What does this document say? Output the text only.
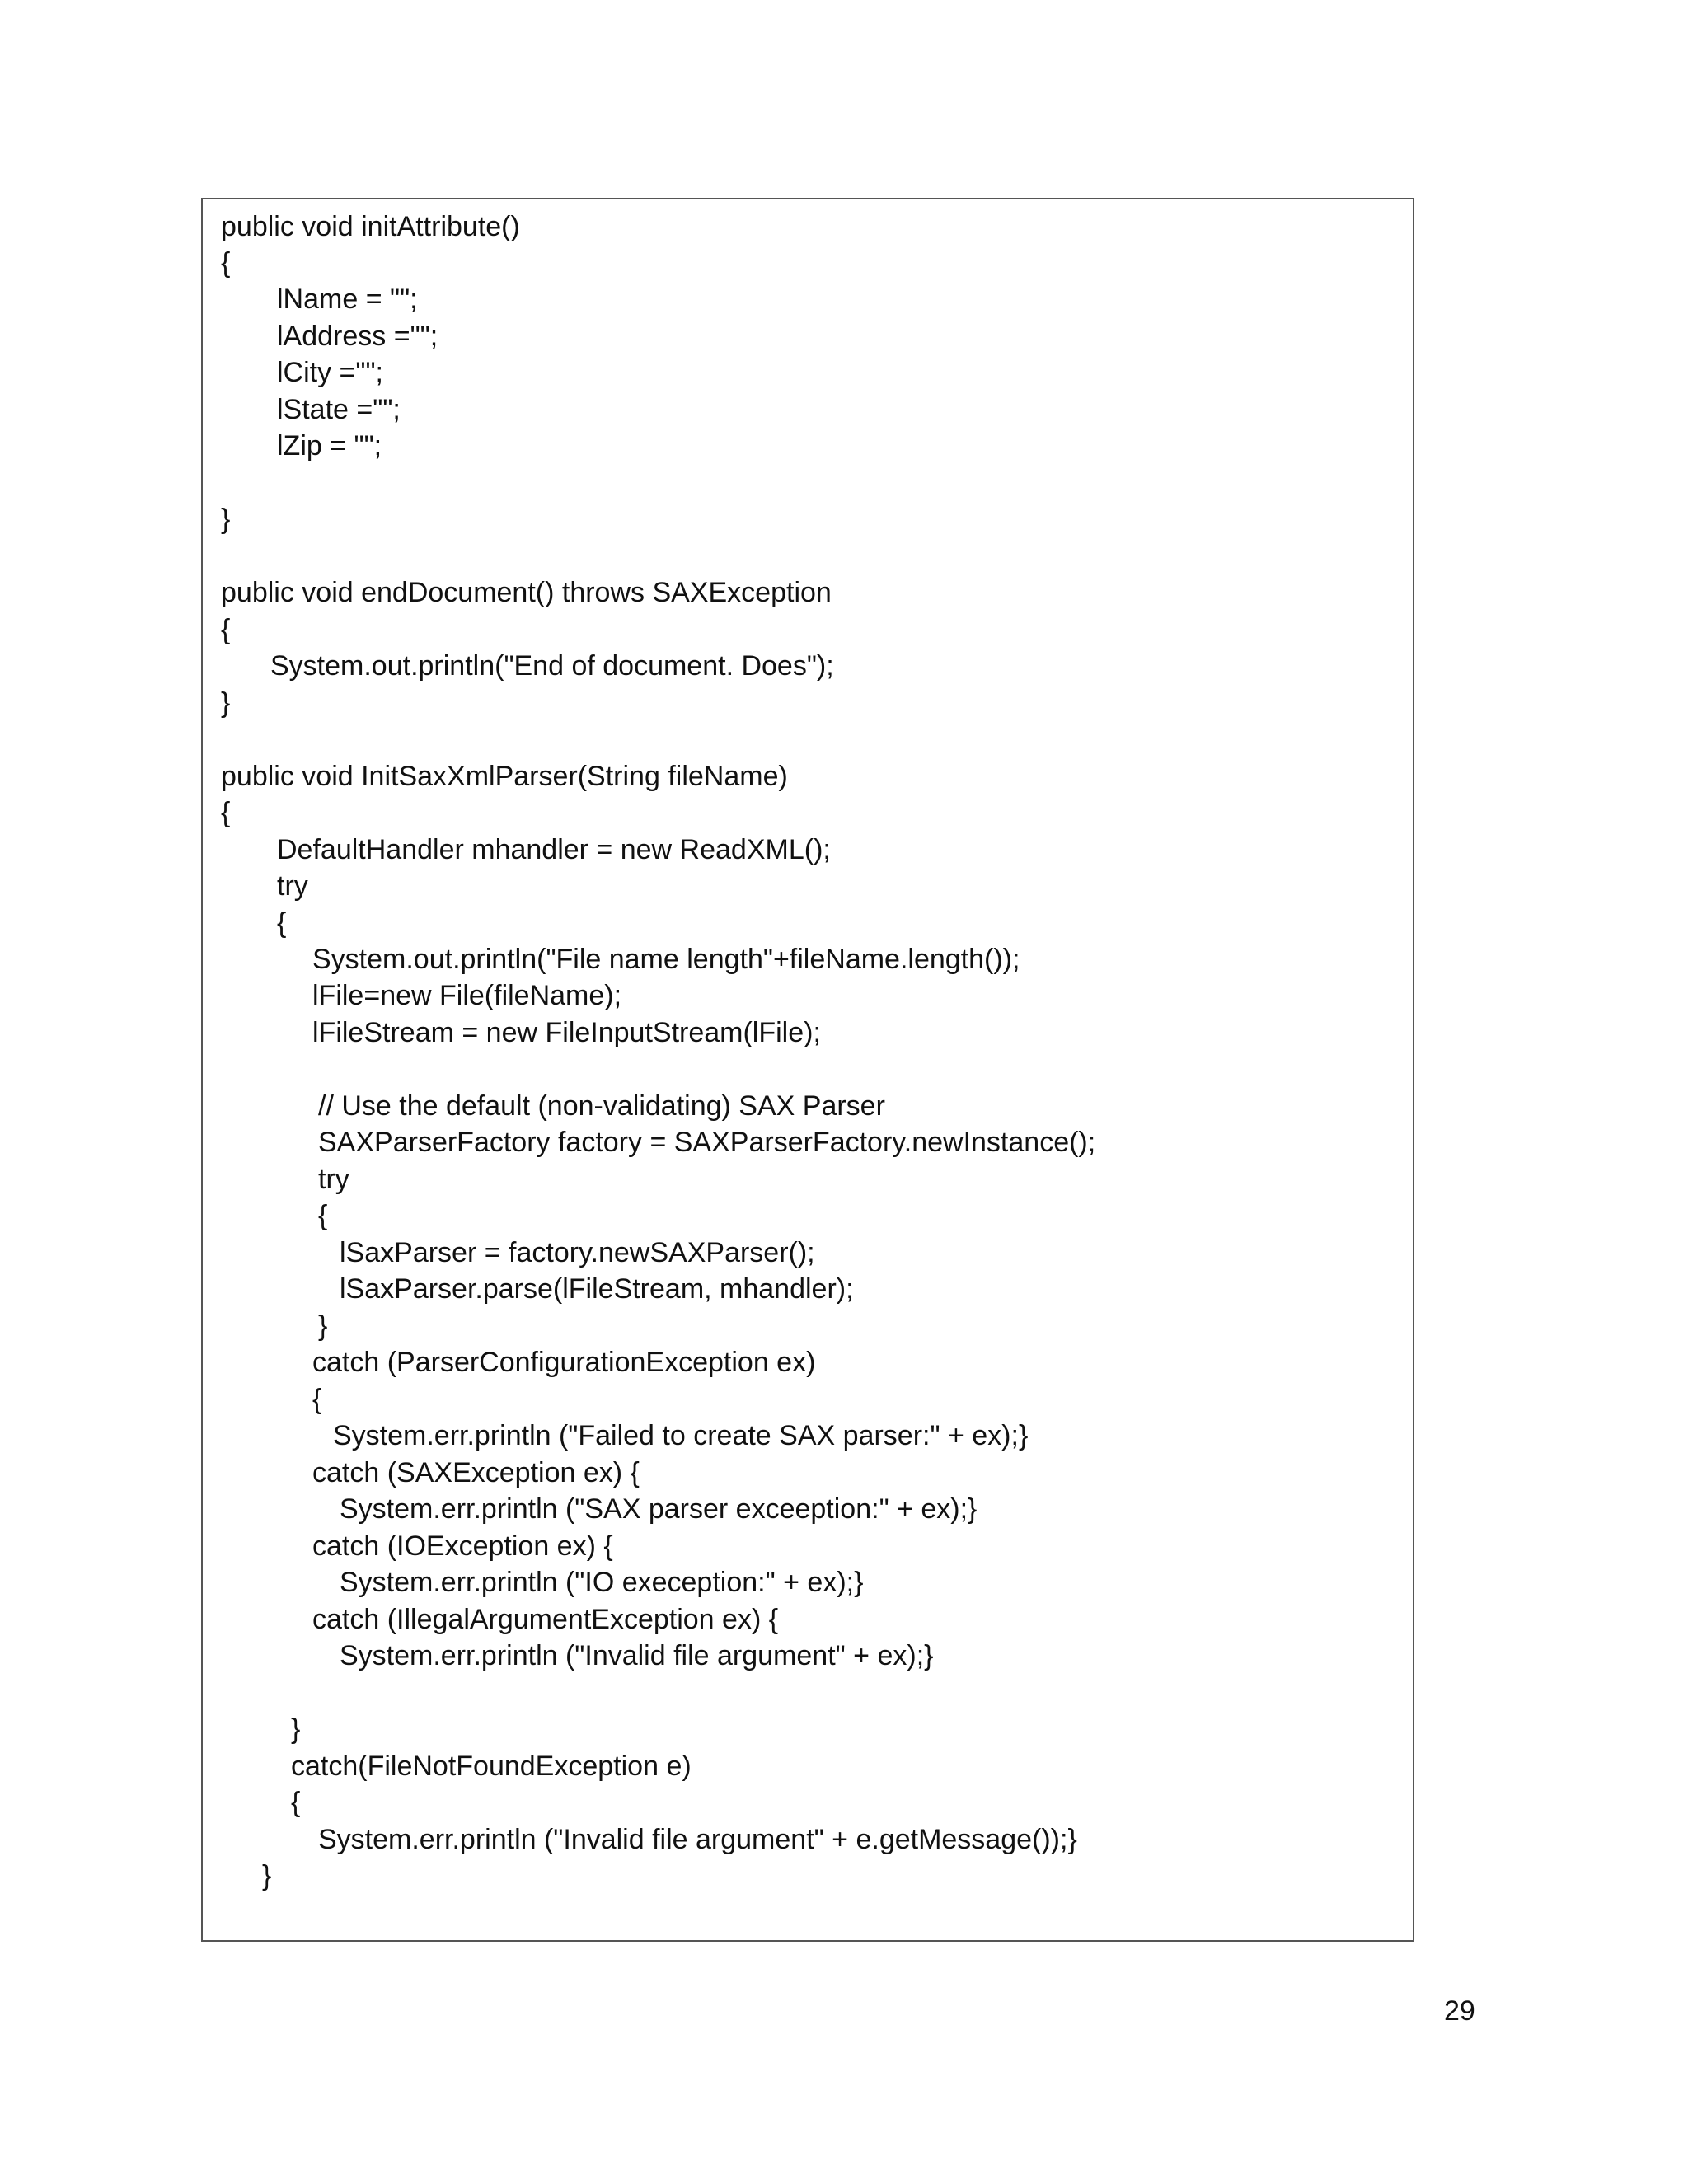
public void initAttribute()
{
lName = "";
lAddress ="";
lCity ="";
lState ="";
lZip = "";
}
public void endDocument() throws SAXException
{
System.out.println("End of document. Does");
}
public void InitSaxXmlParser(String fileName)
{
DefaultHandler mhandler = new ReadXML();
try
{
System.out.println("File name length"+fileName.length());
lFile=new File(fileName);
lFileStream = new FileInputStream(lFile);
// Use the default (non-validating) SAX Parser
SAXParserFactory factory = SAXParserFactory.newInstance();
try
{
lSaxParser = factory.newSAXParser();
lSaxParser.parse(lFileStream, mhandler);
}
catch (ParserConfigurationException ex)
{
System.err.println ("Failed to create SAX parser:" + ex);}
catch (SAXException ex) {
System.err.println ("SAX parser exceeption:" + ex);}
catch (IOException ex) {
System.err.println ("IO exeception:" + ex);}
catch (IllegalArgumentException ex) {
System.err.println ("Invalid file argument" + ex);}
}
catch(FileNotFoundException e)
{
System.err.println ("Invalid file argument" + e.getMessage());}
}
29
